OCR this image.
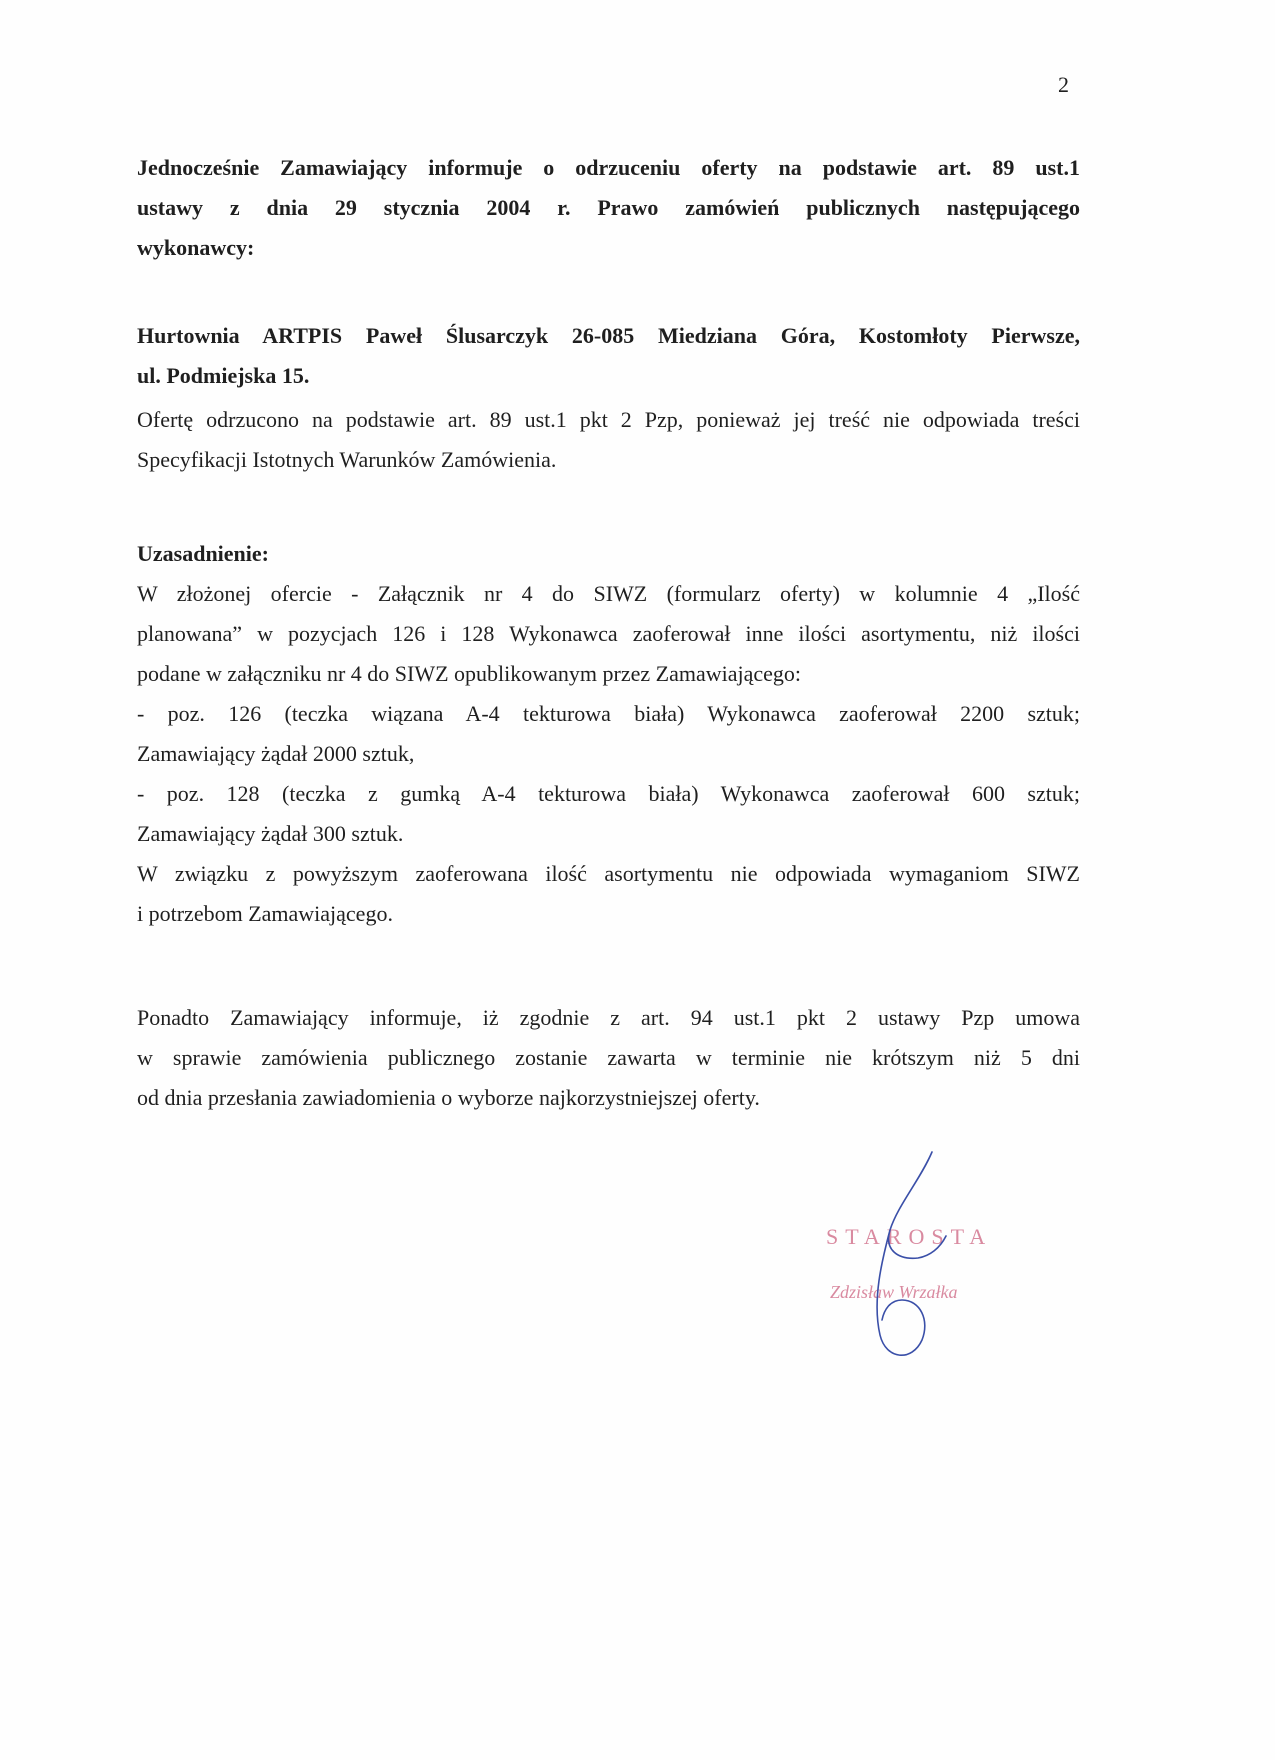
2
Jednocześnie Zamawiający informuje o odrzuceniu oferty na podstawie art. 89 ust.1
ustawy z dnia 29 stycznia 2004 r. Prawo zamówień publicznych następującego
wykonawcy:
Hurtownia ARTPIS Paweł Ślusarczyk 26-085 Miedziana Góra, Kostomłoty Pierwsze,
ul. Podmiejska 15.
Ofertę odrzucono na podstawie art. 89 ust.1 pkt 2 Pzp, ponieważ jej treść nie odpowiada treści
Specyfikacji Istotnych Warunków Zamówienia.
Uzasadnienie:
W złożonej ofercie - Załącznik nr 4 do SIWZ (formularz oferty) w kolumnie 4 „Ilość
planowana” w pozycjach 126 i 128 Wykonawca zaoferował inne ilości asortymentu, niż ilości
podane w załączniku nr 4 do SIWZ opublikowanym przez Zamawiającego:
- poz. 126 (teczka wiązana A-4 tekturowa biała) Wykonawca zaoferował 2200 sztuk;
Zamawiający żądał 2000 sztuk,
- poz. 128 (teczka z gumką A-4 tekturowa biała) Wykonawca zaoferował 600 sztuk;
Zamawiający żądał 300 sztuk.
W związku z powyższym zaoferowana ilość asortymentu nie odpowiada wymaganiom SIWZ
i potrzebom Zamawiającego.
Ponadto Zamawiający informuje, iż zgodnie z art. 94 ust.1 pkt 2 ustawy Pzp umowa
w sprawie zamówienia publicznego zostanie zawarta w terminie nie krótszym niż 5 dni
od dnia przesłania zawiadomienia o wyborze najkorzystniejszej oferty.
STAROSTA
Zdzisław Wrzałka
